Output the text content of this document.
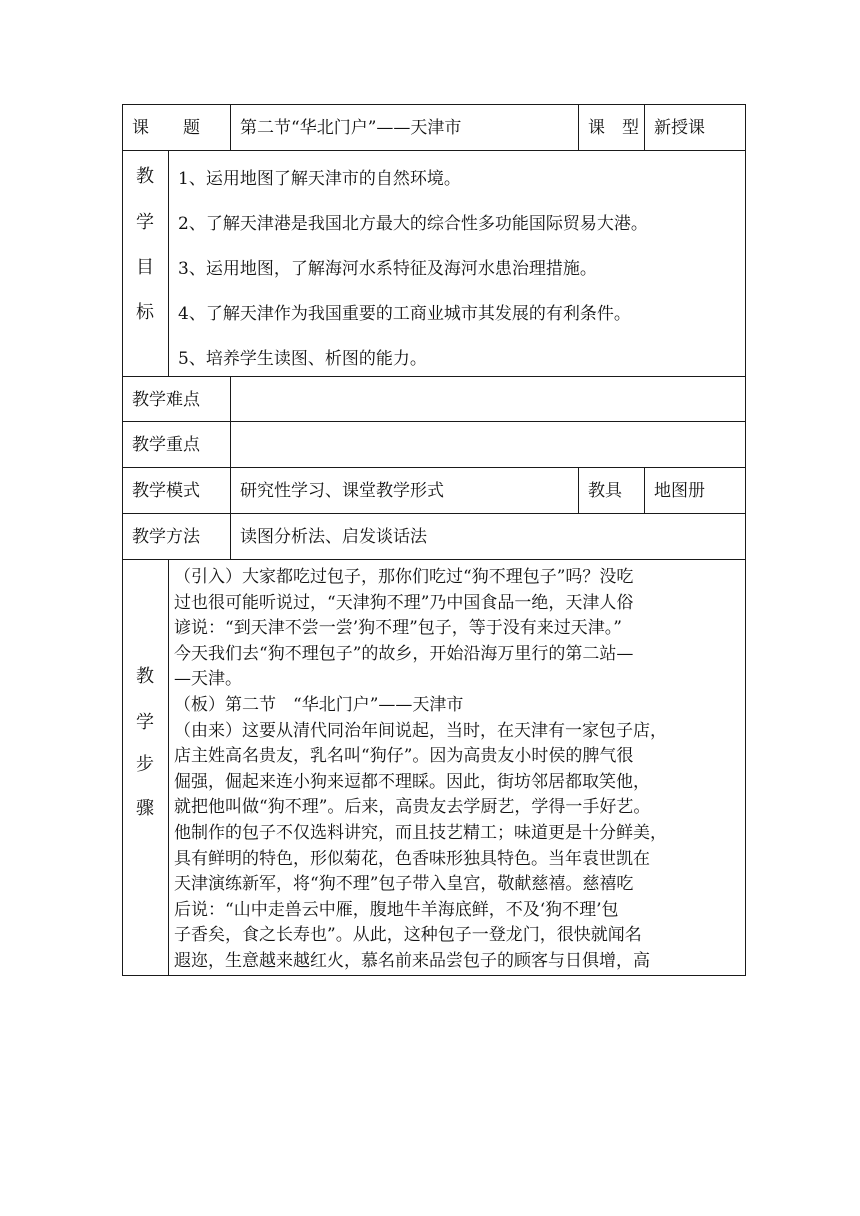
课　　题 第二节“华北门户”——天津市	课　型 新授课
教
学
目
标
1、运用地图了解天津市的自然环境。
2、了解天津港是我国北方最大的综合性多功能国际贸易大港。
3、运用地图，了解海河水系特征及海河水患治理措施。
4、了解天津作为我国重要的工商业城市其发展的有利条件。
5、培养学生读图、析图的能力。
教学难点
教学重点
教学模式 研究性学习、课堂教学形式	教具 地图册
教学方法 读图分析法、启发谈话法
教
学
步
骤

（引入）大家都吃过包子，那你们吃过“狗不理包子”吗？没吃

过也很可能听说过，“天津狗不理”乃中国食品一绝，天津人俗

谚说：“到天津不尝一尝’狗不理”包子，等于没有来过天津。”

今天我们去“狗不理包子”的故乡，开始沿海万里行的第二站—

—天津。

（板）第二节　“华北门户”——天津市

（由来）这要从清代同治年间说起，当时，在天津有一家包子店，

店主姓高名贵友，乳名叫“狗仔”。因为高贵友小时侯的脾气很

倔强，倔起来连小狗来逗都不理睬。因此，街坊邻居都取笑他，

就把他叫做“狗不理”。后来，高贵友去学厨艺，学得一手好艺。

他制作的包子不仅选料讲究，而且技艺精工；味道更是十分鲜美，

具有鲜明的特色，形似菊花，色香味形独具特色。当年袁世凯在

天津演练新军，将“狗不理”包子带入皇宫，敬献慈禧。慈禧吃

后说：“山中走兽云中雁，腹地牛羊海底鲜，不及‘狗不理’包

子香矣，食之长寿也”。从此，这种包子一登龙门，很快就闻名

遐迩，生意越来越红火，慕名前来品尝包子的顾客与日俱增，高
